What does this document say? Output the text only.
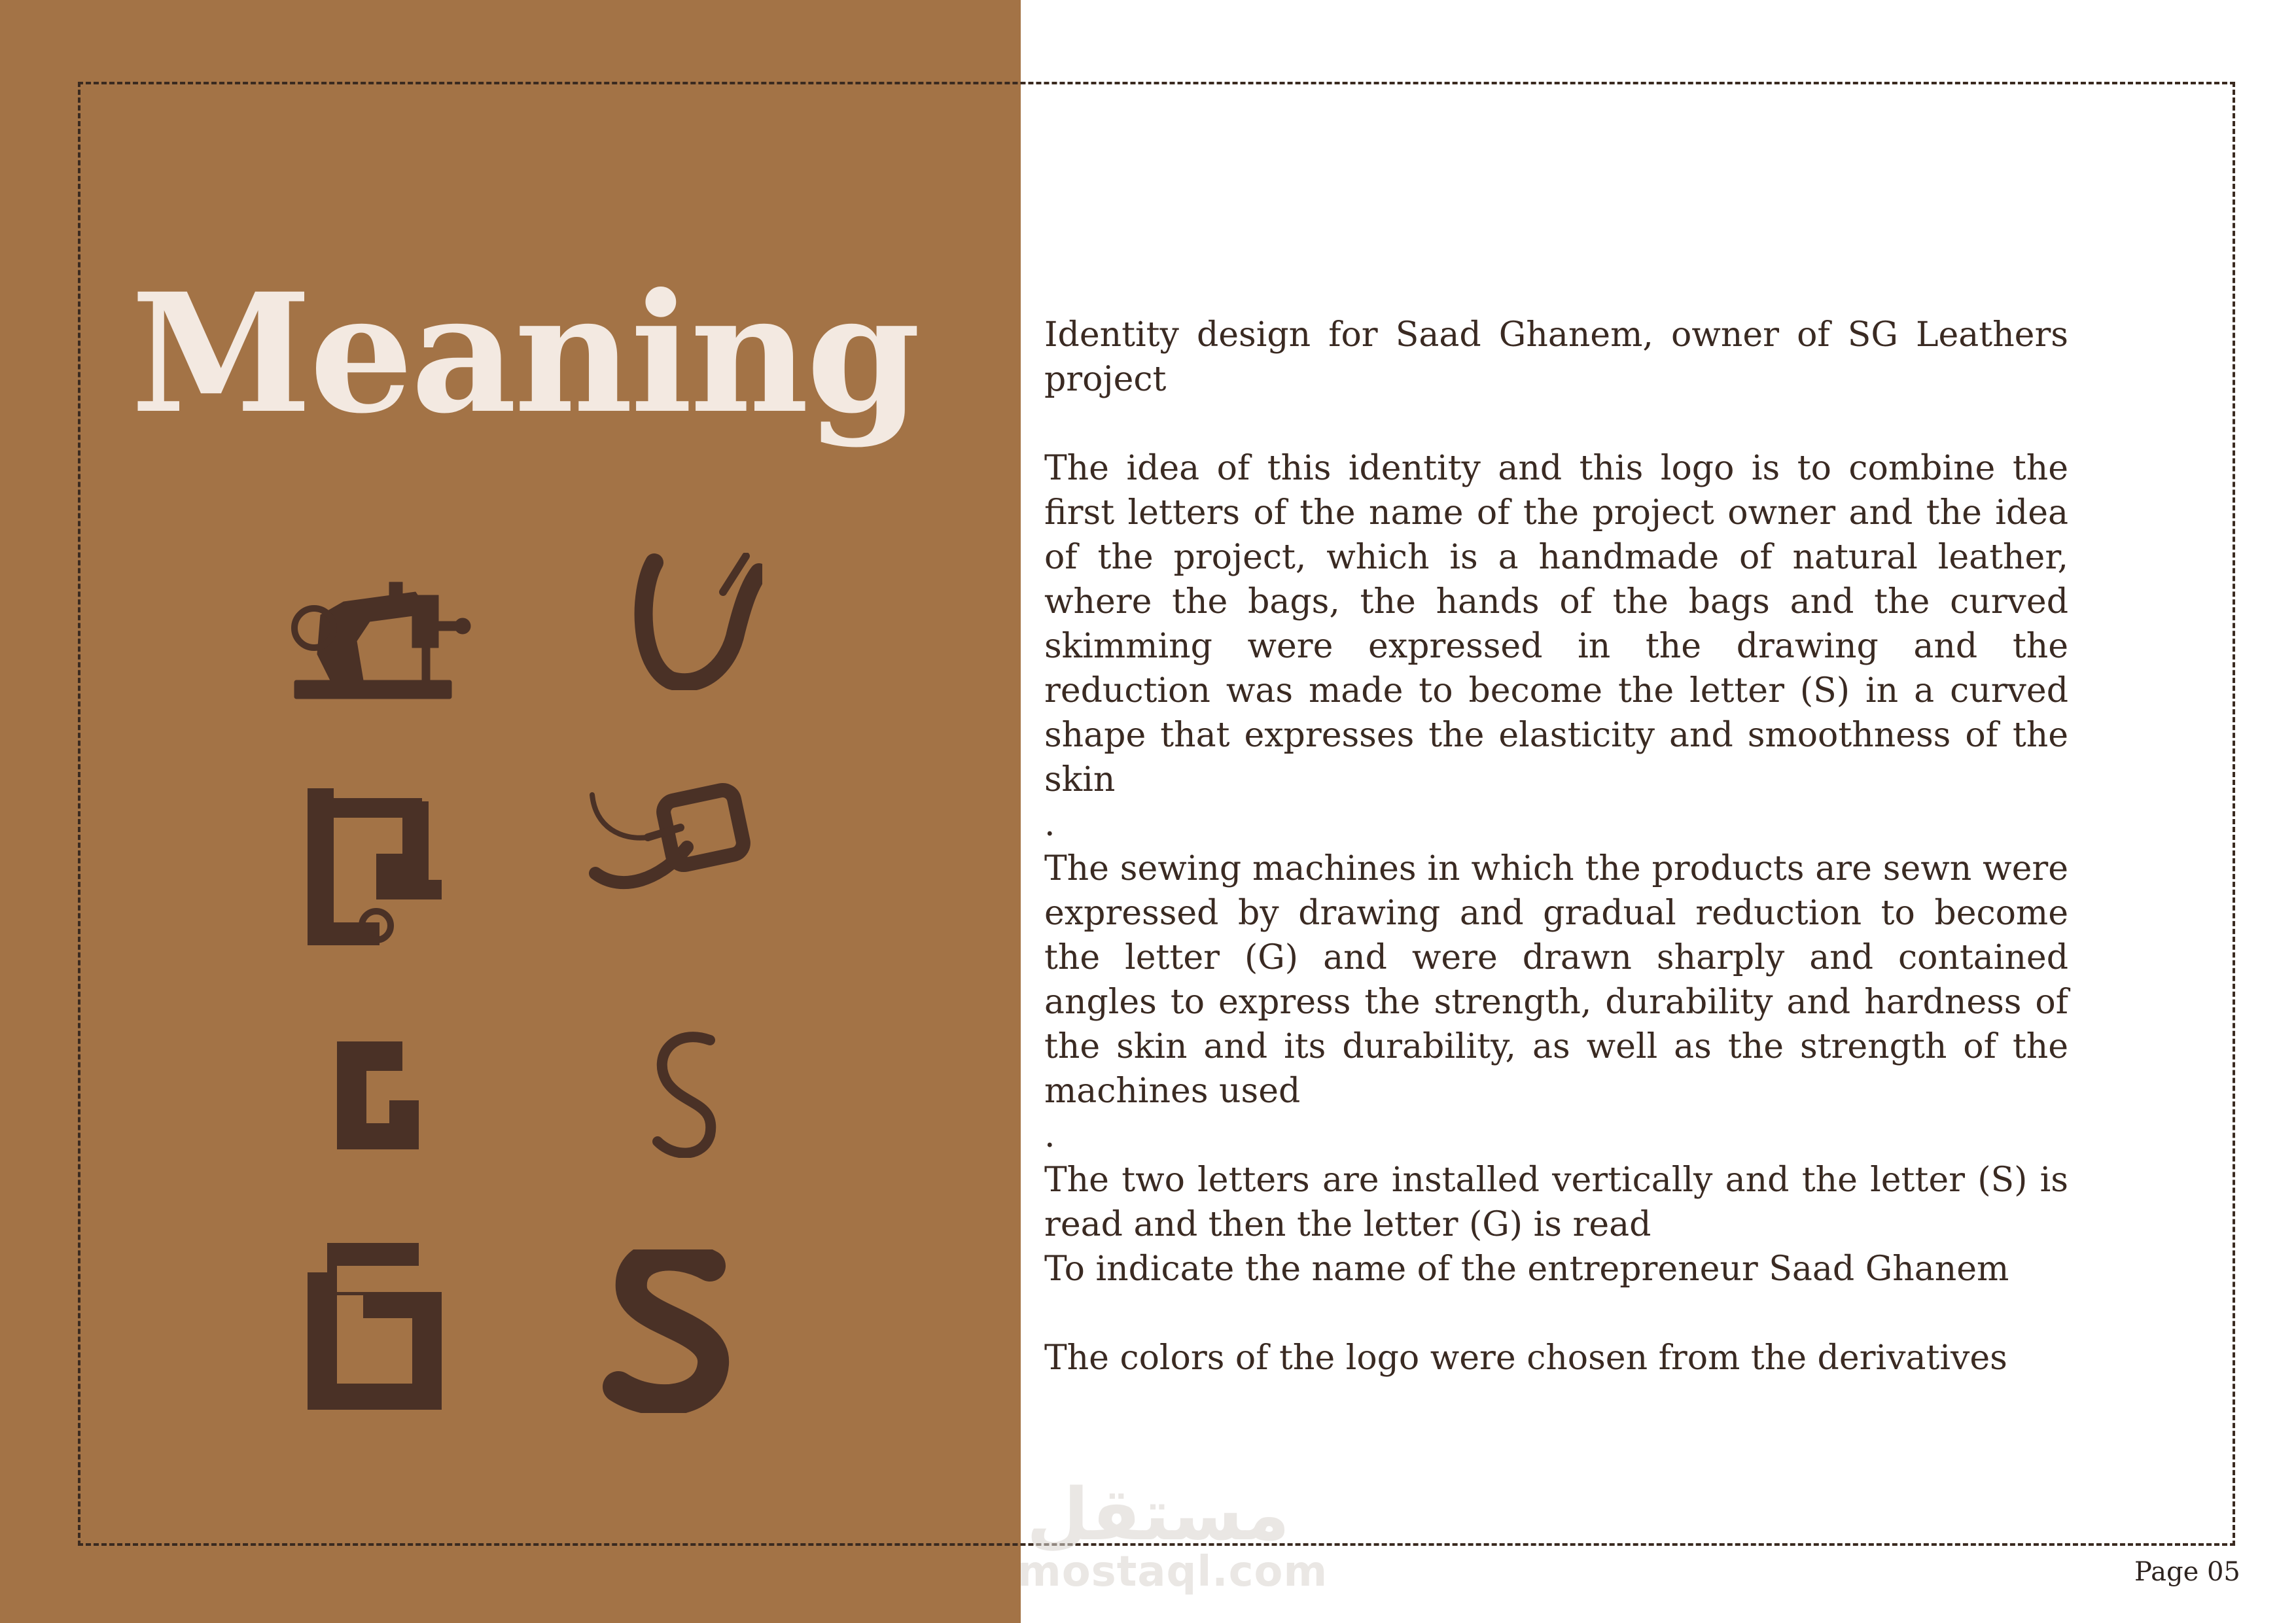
Meaning	Identity design for Saad Ghanem, owner of SG Leathers project

The idea of this identity and this logo is to combine the first letters of the name of the project owner and the idea of the project, which is a handmade of natural leather, where the bags, the hands of the bags and the curved skimming were expressed in the drawing and the reduction was made to become the letter (S) in a curved shape that expresses the elasticity and smoothness of the skin

.

The sewing machines in which the products are sewn were expressed by drawing and gradual reduction to become the letter (G) and were drawn sharply and contained angles to express the strength, durability and hardness of the skin and its durability, as well as the strength of the machines used

.

The two letters are installed vertically and the letter (S) is read and then the letter (G) is read

To indicate the name of the entrepreneur Saad Ghanem

The colors of the logo were chosen from the derivatives

مستقل
mostaql.com	Page 05
